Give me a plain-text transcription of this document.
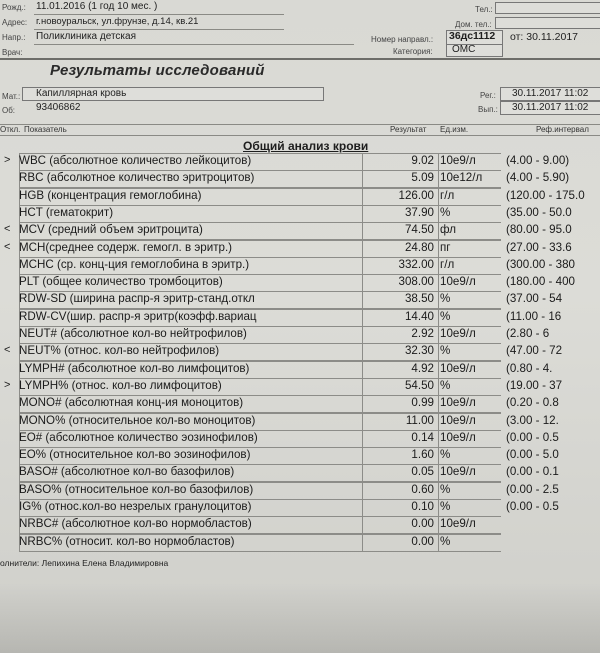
Рожд.: 11.01.2016 (1 год 10 мес. )
Адрес: г.новоуральск, ул.фрунзе, д.14, кв.21
Напр.: Поликлиника детская
Врач:
Тел.:
Дом. тел.:
Номер направл.: 36дс1112 от: 30.11.2017
Категория: ОМС
Результаты исследований
Мат.: Капиллярная кровь
Об: 93406862
Рег.: 30.11.2017 11:02
Вып.: 30.11.2017 11:02
Откл. Показатель	Результат Ед.изм.	Реф.интервал
Общий анализ крови
> WBC (абсолютное количество лейкоцитов)	9.02 10e9/л	(4.00 - 9.00)
RBC (абсолютное количество эритроцитов)	5.09 10e12/л (4.00 - 5.90)
HGB (концентрация гемоглобина)	126.00 г/л	(120.00 - 175.0
HCT (гематокрит)	37.90 %	(35.00 - 50.0
< MCV (средний объем эритроцита)	74.50 фл	(80.00 - 95.0
< MCH(среднее содерж. гемогл. в эритр.)	24.80 пг	(27.00 - 33.6
MCHC (ср. конц-ция гемоглобина в эритр.)	332.00 г/л	(300.00 - 380
PLT (общее количество тромбоцитов)	308.00 10e9/л	(180.00 - 400
RDW-SD (ширина распр-я эритр-станд.откл	38.50 %	(37.00 - 54
RDW-CV(шир. распр-я эритр(коэфф.вариац	14.40 %	(11.00 - 16
NEUT# (абсолютное кол-во нейтрофилов)	2.92 10e9/л	(2.80 - 6
< NEUT% (относ. кол-во нейтрофилов)	32.30 %	(47.00 - 72
LYMPH# (абсолютное кол-во лимфоцитов)	4.92 10e9/л	(0.80 - 4.
> LYMPH% (относ. кол-во лимфоцитов)	54.50 %	(19.00 - 37
MONO# (абсолютная конц-ия моноцитов)	0.99 10e9/л	(0.20 - 0.8
MONO% (относительное кол-во моноцитов)	11.00 10e9/л	(3.00 - 12.
EO# (абсолютное количество эозинофилов)	0.14 10e9/л	(0.00 - 0.5
EO% (относительное кол-во эозинофилов)	1.60 %	(0.00 - 5.0
BASO# (абсолютное кол-во базофилов)	0.05 10e9/л	(0.00 - 0.1
BASO% (относительное кол-во базофилов)	0.60 %	(0.00 - 2.5
IG% (относ.кол-во незрелых гранулоцитов)	0.10 %	(0.00 - 0.5
NRBC# (абсолютное кол-во нормобластов)	0.00 10e9/л
NRBC% (относит. кол-во нормобластов)	0.00 %
олнители: Лепихина Елена Владимировна
